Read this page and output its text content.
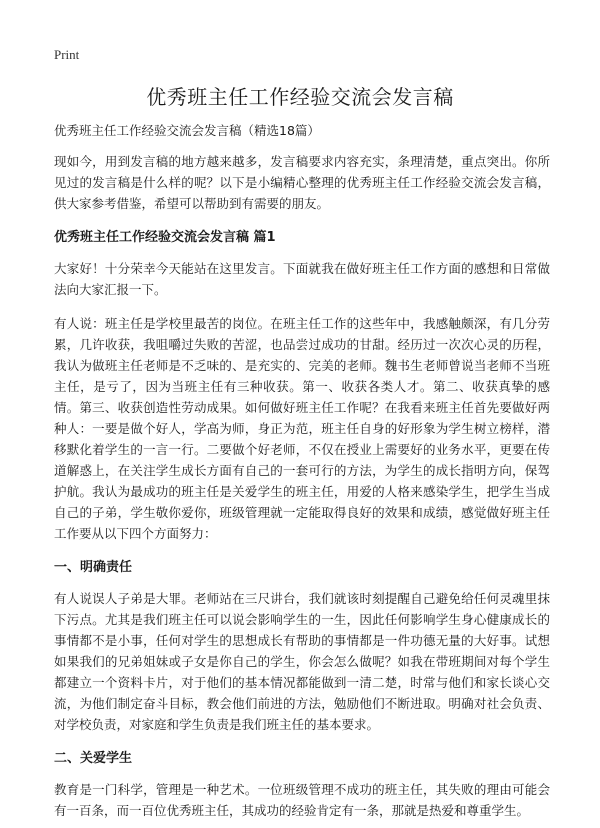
Print
优秀班主任工作经验交流会发言稿

优秀班主任工作经验交流会发言稿（精选18篇）

现如今，用到发言稿的地方越来越多，发言稿要求内容充实，条理清楚，重点突出。你所见过的发言稿是什么样的呢？以下是小编精心整理的优秀班主任工作经验交流会发言稿，供大家参考借鉴，希望可以帮助到有需要的朋友。

优秀班主任工作经验交流会发言稿 篇1

大家好！十分荣幸今天能站在这里发言。下面就我在做好班主任工作方面的感想和日常做法向大家汇报一下。

有人说：班主任是学校里最苦的岗位。在班主任工作的这些年中，我感触颇深，有几分劳累，几许收获，我咀嚼过失败的苦涩，也品尝过成功的甘甜。经历过一次次心灵的历程，我认为做班主任老师是不乏味的、是充实的、完美的老师。魏书生老师曾说当老师不当班主任，是亏了，因为当班主任有三种收获。第一、收获各类人才。第二、收获真挚的感情。第三、收获创造性劳动成果。如何做好班主任工作呢？在我看来班主任首先要做好两种人：一要是做个好人，学高为师，身正为范，班主任自身的好形象为学生树立榜样，潜移默化着学生的一言一行。二要做个好老师，不仅在授业上需要好的业务水平，更要在传道解惑上，在关注学生成长方面有自己的一套可行的方法，为学生的成长指明方向，保驾护航。我认为最成功的班主任是关爱学生的班主任，用爱的人格来感染学生，把学生当成自己的子弟，学生敬你爱你，班级管理就一定能取得良好的效果和成绩，感觉做好班主任工作要从以下四个方面努力：

一、明确责任

有人说误人子弟是大罪。老师站在三尺讲台，我们就该时刻提醒自己避免给任何灵魂里抹下污点。尤其是我们班主任可以说会影响学生的一生，因此任何影响学生身心健康成长的事情都不是小事，任何对学生的思想成长有帮助的事情都是一件功德无量的大好事。试想如果我们的兄弟姐妹或子女是你自己的学生，你会怎么做呢？如我在带班期间对每个学生都建立一个资料卡片，对于他们的基本情况都能做到一清二楚，时常与他们和家长谈心交流，为他们制定奋斗目标，教会他们前进的方法，勉励他们不断进取。明确对社会负责、对学校负责，对家庭和学生负责是我们班主任的基本要求。

二、关爱学生

教育是一门科学，管理是一种艺术。一位班级管理不成功的班主任，其失败的理由可能会有一百条，而一百位优秀班主任，其成功的经验肯定有一条，那就是热爱和尊重学生。
